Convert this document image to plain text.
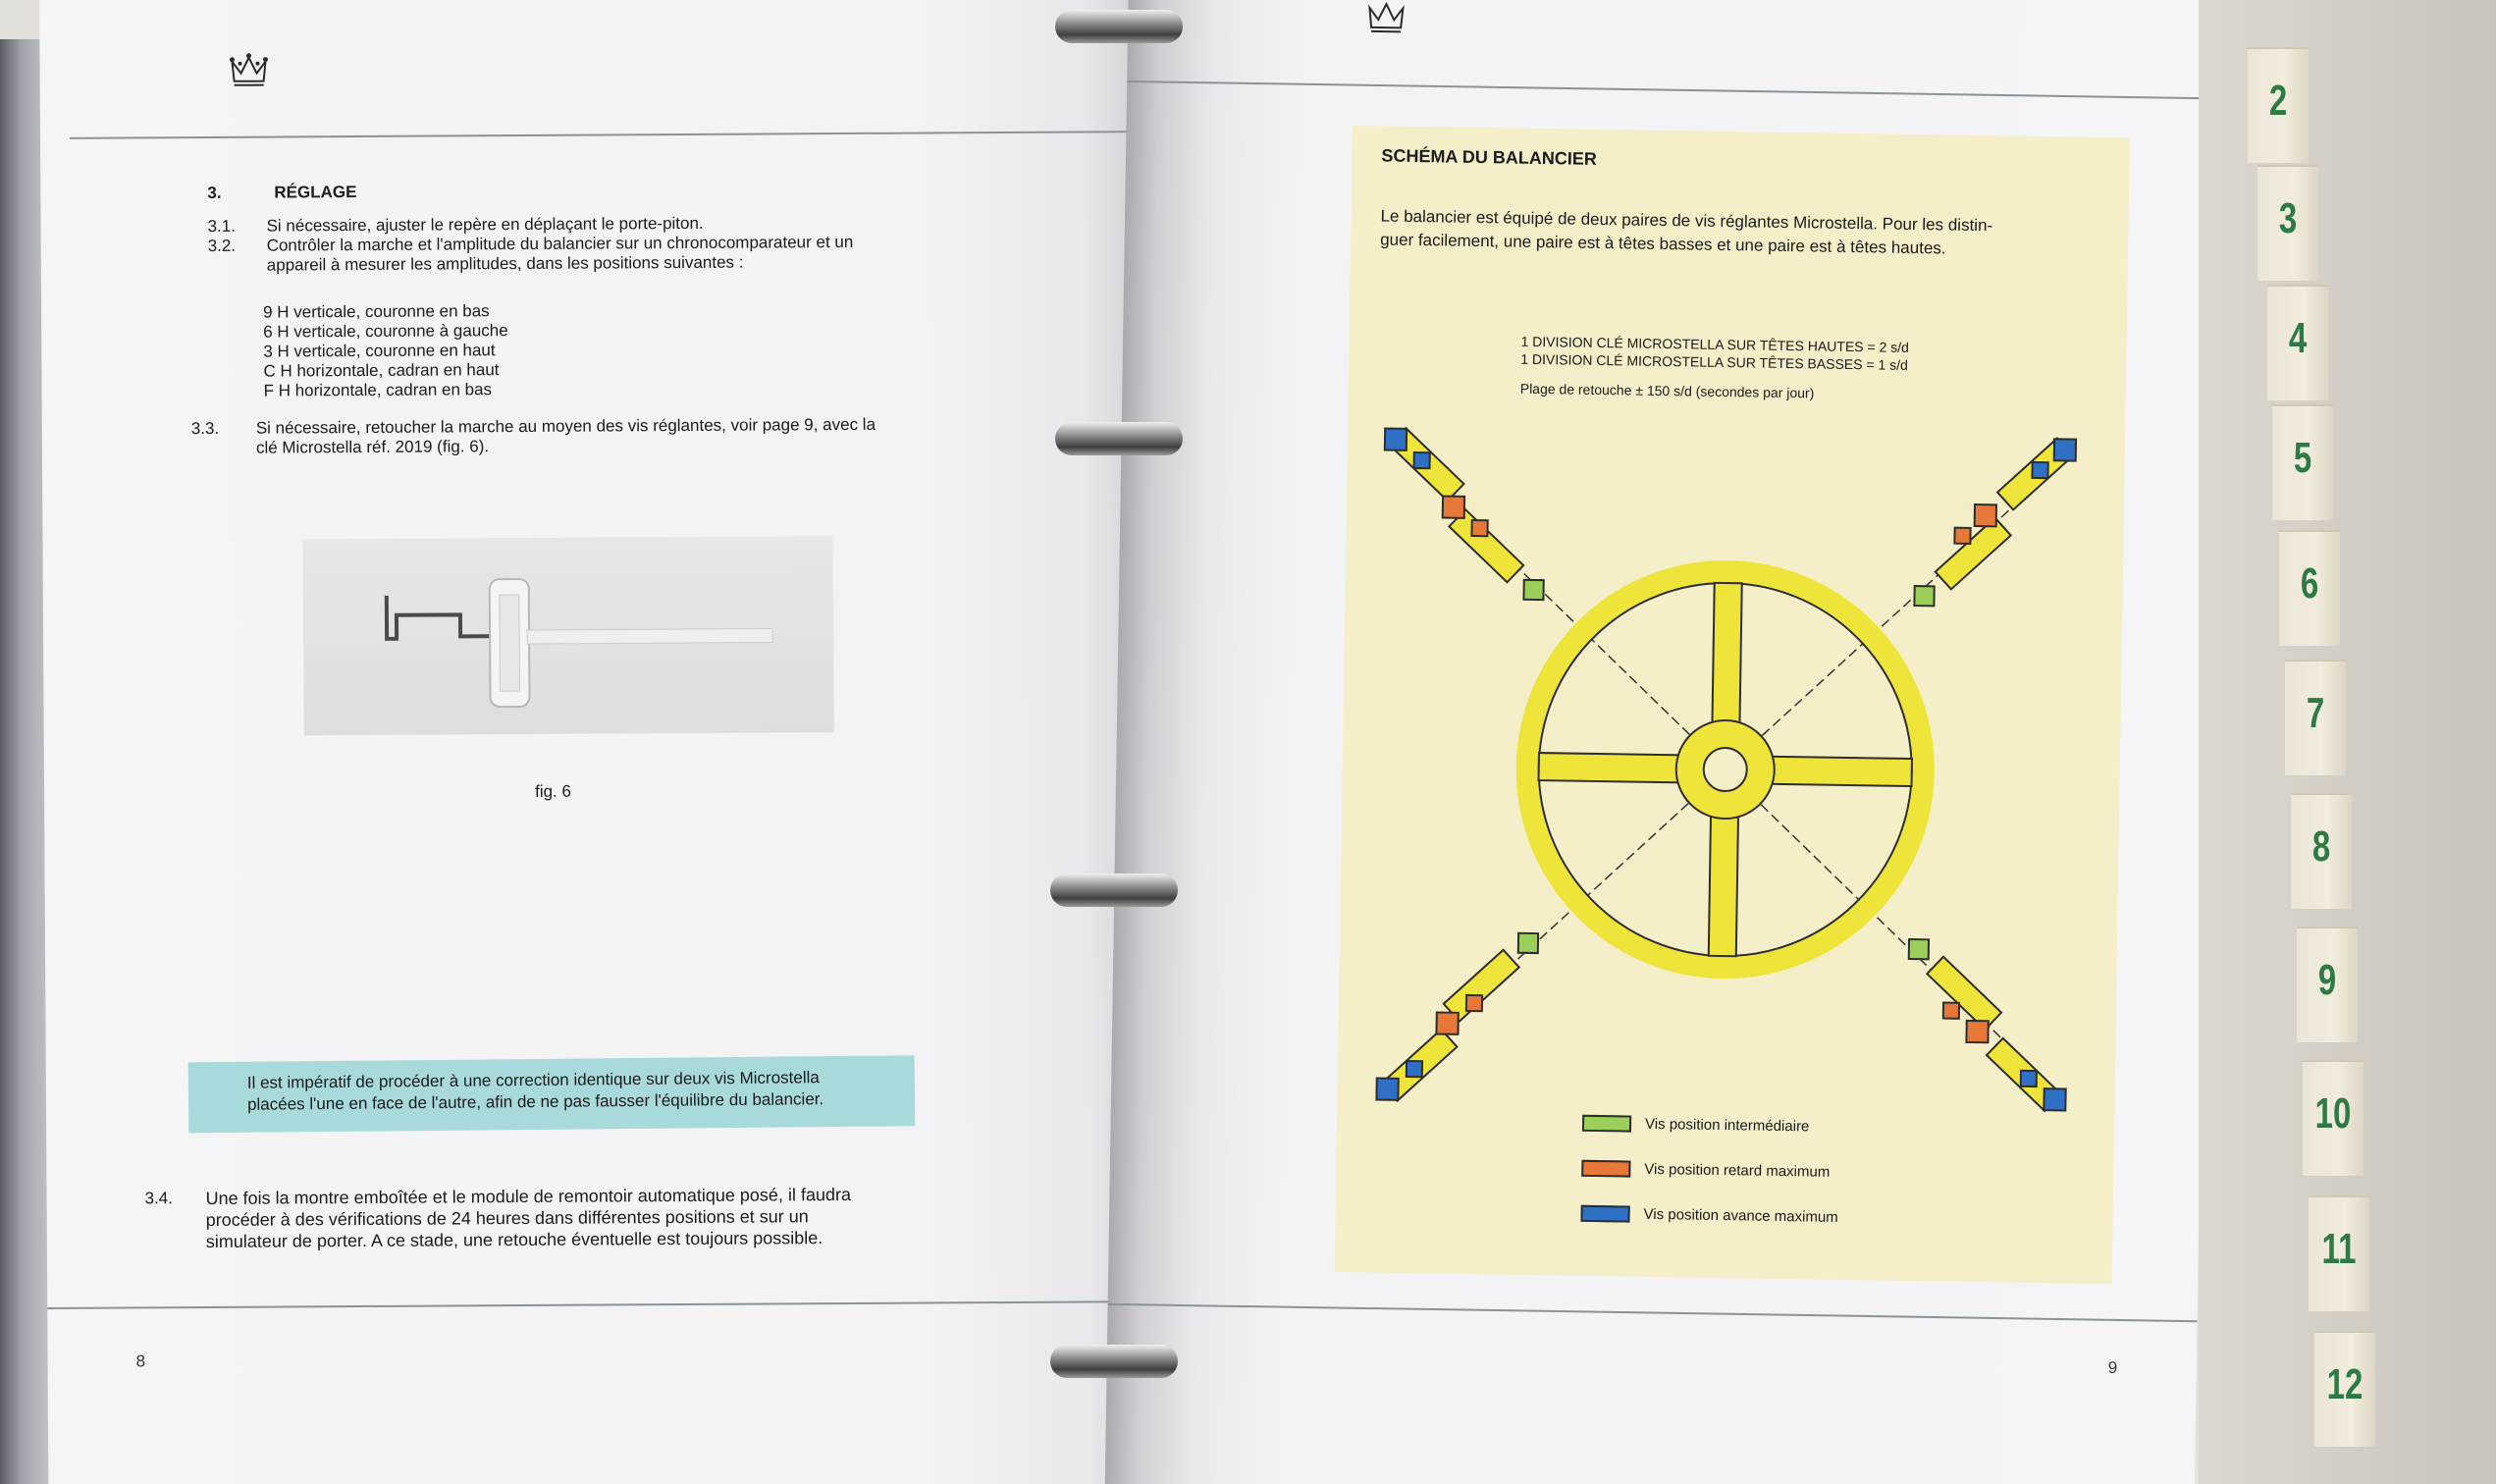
3.	RÉGLAGE
3.1. Si nécessaire, ajuster le repère en déplaçant le porte-piton.
3.2. Contrôler la marche et l'amplitude du balancier sur un chronocomparateur et un
appareil à mesurer les amplitudes, dans les positions suivantes :
9 H verticale, couronne en bas
6 H verticale, couronne à gauche
3 H verticale, couronne en haut
C H horizontale, cadran en haut
F H horizontale, cadran en bas
3.3. Si nécessaire, retoucher la marche au moyen des vis réglantes, voir page 9, avec la
clé Microstella réf. 2019 (fig. 6).
fig. 6
Il est impératif de procéder à une correction identique sur deux vis Microstella
placées l'une en face de l'autre, afin de ne pas fausser l'équilibre du balancier.
3.4. Une fois la montre emboîtée et le module de remontoir automatique posé, il faudra
procéder à des vérifications de 24 heures dans différentes positions et sur un
simulateur de porter. A ce stade, une retouche éventuelle est toujours possible.
8	9
SCHÉMA DU BALANCIER
Le balancier est équipé de deux paires de vis réglantes Microstella. Pour les distin-
guer facilement, une paire est à têtes basses et une paire est à têtes hautes.
1 DIVISION CLÉ MICROSTELLA SUR TÊTES HAUTES = 2 s/d
1 DIVISION CLÉ MICROSTELLA SUR TÊTES BASSES = 1 s/d
Plage de retouche ± 150 s/d (secondes par jour)
Vis position intermédiaire
Vis position retard maximum
Vis position avance maximum
2
3
4
5
6
7
8
9
10
11
12
